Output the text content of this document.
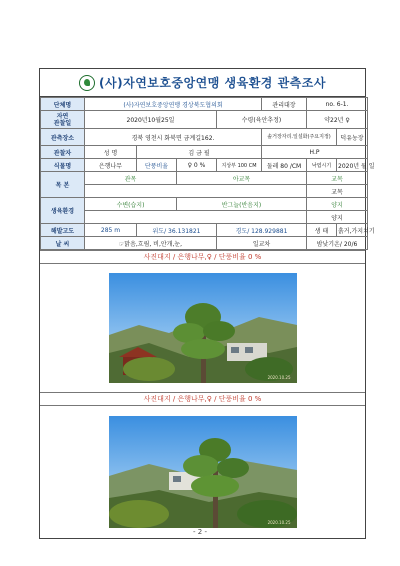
(사)자연보호중앙연맹 생육환경 관측조사
단체명	(사)자연보호중앙연맹 경상북도협의회				관리대장	no. 6-1.	
자연
관찰일	2020년10월25일			수령(육안추정)		약22년 ♀	
관측장소	경북 영천시 화북면 금계길162.				솔거장자리.일설화(주요지정)		덕유농장
관찰자	성 명	김 금 필			H.P		
식물명	은행나무	단풍비율	♀ 0 %	지상부 100 CM	둘레 80 /CM	낙엽시기	2020년 월 일
목 본	관목		아교목			교목	
						교목	
생육환경	수변(습지)		반그늘(반음지)			양지	
						양지	
해발고도	285 m	위도/ 36.131821		경도/ 128.929881		생 태	흙거,가지치기
날 씨	☞맑음,흐림, 비,안개,눈,			일교차		밤낮기온/ 20/6	
사진대지 / 은행나무,♀ / 단풍비율 0 %
2020.10.25
사진대지 / 은행나무,♀ / 단풍비율 0 %
2020.10.25
- 2 -
